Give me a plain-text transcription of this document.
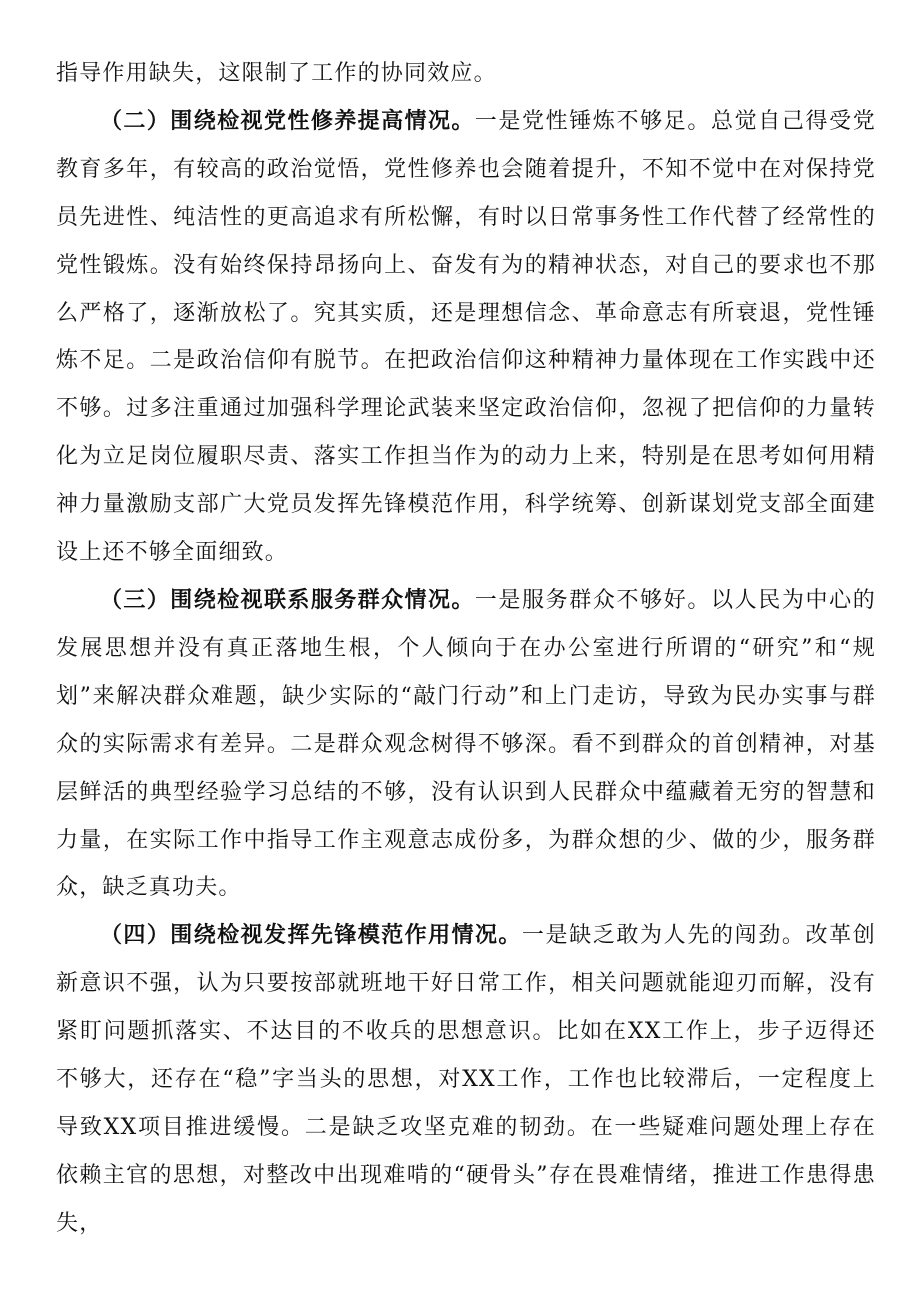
指导作用缺失，这限制了工作的协同效应。

（二）围绕检视党性修养提高情况。一是党性锤炼不够足。总觉自己得受党教育多年，有较高的政治觉悟，党性修养也会随着提升，不知不觉中在对保持党员先进性、纯洁性的更高追求有所松懈，有时以日常事务性工作代替了经常性的党性锻炼。没有始终保持昂扬向上、奋发有为的精神状态，对自己的要求也不那么严格了，逐渐放松了。究其实质，还是理想信念、革命意志有所衰退，党性锤炼不足。二是政治信仰有脱节。在把政治信仰这种精神力量体现在工作实践中还不够。过多注重通过加强科学理论武装来坚定政治信仰，忽视了把信仰的力量转化为立足岗位履职尽责、落实工作担当作为的动力上来，特别是在思考如何用精神力量激励支部广大党员发挥先锋模范作用，科学统筹、创新谋划党支部全面建设上还不够全面细致。

（三）围绕检视联系服务群众情况。一是服务群众不够好。以人民为中心的发展思想并没有真正落地生根，个人倾向于在办公室进行所谓的“研究”和“规划”来解决群众难题，缺少实际的“敲门行动”和上门走访，导致为民办实事与群众的实际需求有差异。二是群众观念树得不够深。看不到群众的首创精神，对基层鲜活的典型经验学习总结的不够，没有认识到人民群众中蕴藏着无穷的智慧和力量，在实际工作中指导工作主观意志成份多，为群众想的少、做的少，服务群众，缺乏真功夫。

（四）围绕检视发挥先锋模范作用情况。一是缺乏敢为人先的闯劲。改革创新意识不强，认为只要按部就班地干好日常工作，相关问题就能迎刃而解，没有紧盯问题抓落实、不达目的不收兵的思想意识。比如在XX工作上，步子迈得还不够大，还存在“稳”字当头的思想，对XX工作，工作也比较滞后，一定程度上导致XX项目推进缓慢。二是缺乏攻坚克难的韧劲。在一些疑难问题处理上存在依赖主官的思想，对整改中出现难啃的“硬骨头”存在畏难情绪，推进工作患得患失，
